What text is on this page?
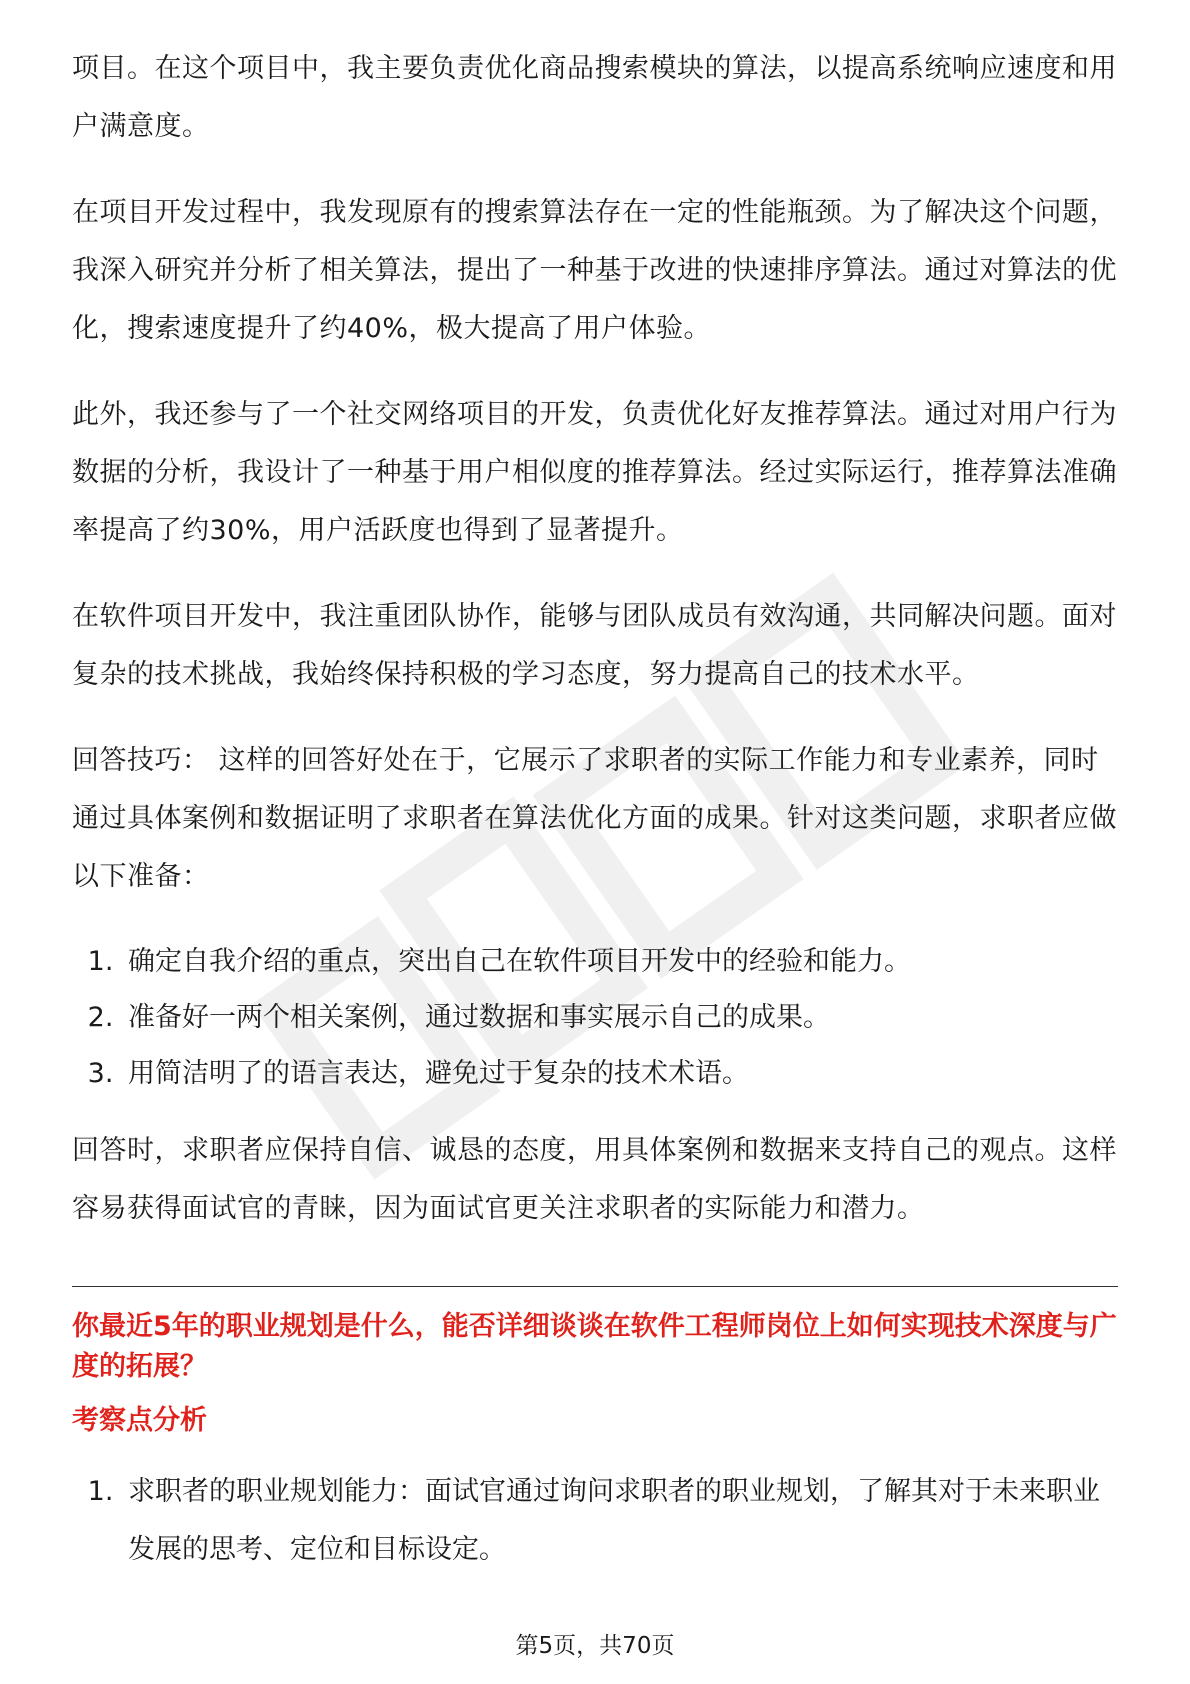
项目。在这个项目中，我主要负责优化商品搜索模块的算法，以提高系统响应速度和用户满意度。

在项目开发过程中，我发现原有的搜索算法存在一定的性能瓶颈。为了解决这个问题，我深入研究并分析了相关算法，提出了一种基于改进的快速排序算法。通过对算法的优化，搜索速度提升了约40%，极大提高了用户体验。

此外，我还参与了一个社交网络项目的开发，负责优化好友推荐算法。通过对用户行为数据的分析，我设计了一种基于用户相似度的推荐算法。经过实际运行，推荐算法准确率提高了约30%，用户活跃度也得到了显著提升。

在软件项目开发中，我注重团队协作，能够与团队成员有效沟通，共同解决问题。面对复杂的技术挑战，我始终保持积极的学习态度，努力提高自己的技术水平。

回答技巧： 这样的回答好处在于，它展示了求职者的实际工作能力和专业素养，同时通过具体案例和数据证明了求职者在算法优化方面的成果。针对这类问题，求职者应做以下准备：

1. 确定自我介绍的重点，突出自己在软件项目开发中的经验和能力。
2. 准备好一两个相关案例，通过数据和事实展示自己的成果。
3. 用简洁明了的语言表达，避免过于复杂的技术术语。

回答时，求职者应保持自信、诚恳的态度，用具体案例和数据来支持自己的观点。这样容易获得面试官的青睐，因为面试官更关注求职者的实际能力和潜力。

你最近5年的职业规划是什么，能否详细谈谈在软件工程师岗位上如何实现技术深度与广度的拓展？
考察点分析
1. 求职者的职业规划能力：面试官通过询问求职者的职业规划，了解其对于未来职业发展的思考、定位和目标设定。
第5页，共70页
